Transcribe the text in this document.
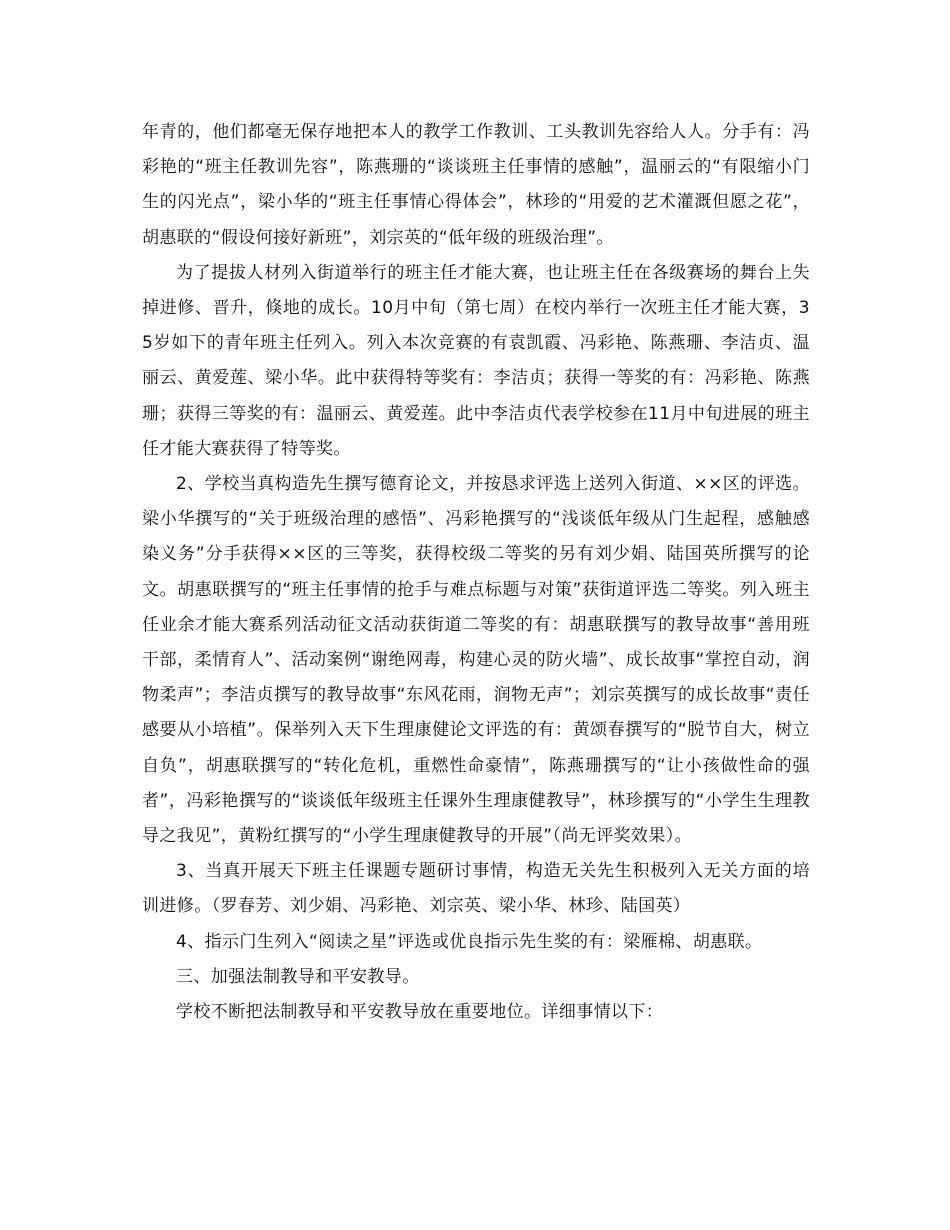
年青的，他们都毫无保存地把本人的教学工作教训、工头教训先容给人人。分手有：冯彩艳的“班主任教训先容”，陈燕珊的“谈谈班主任事情的感触”，温丽云的“有限缩小门生的闪光点”，梁小华的“班主任事情心得体会”，林珍的“用爱的艺术灌溉但愿之花”，胡惠联的“假设何接好新班”，刘宗英的“低年级的班级治理”。

为了提拔人材列入街道举行的班主任才能大赛，也让班主任在各级赛场的舞台上失掉进修、晋升，倏地的成长。10月中旬（第七周）在校内举行一次班主任才能大赛，35岁如下的青年班主任列入。列入本次竞赛的有袁凯霞、冯彩艳、陈燕珊、李洁贞、温丽云、黄爱莲、梁小华。此中获得特等奖有：李洁贞；获得一等奖的有：冯彩艳、陈燕珊；获得三等奖的有：温丽云、黄爱莲。此中李洁贞代表学校参在11月中旬进展的班主任才能大赛获得了特等奖。

2、学校当真构造先生撰写德育论文，并按恳求评选上送列入街道、××区的评选。梁小华撰写的“关于班级治理的感悟”、冯彩艳撰写的“浅谈低年级从门生起程，感触感染义务”分手获得××区的三等奖，获得校级二等奖的另有刘少娟、陆国英所撰写的论文。胡惠联撰写的“班主任事情的抢手与难点标题与对策”获街道评选二等奖。列入班主任业余才能大赛系列活动征文活动获街道二等奖的有：胡惠联撰写的教导故事“善用班干部，柔情育人”、活动案例“谢绝网毒，构建心灵的防火墙”、成长故事“掌控自动，润物柔声”；李洁贞撰写的教导故事“东风花雨，润物无声”；刘宗英撰写的成长故事“责任感要从小培植”。保举列入天下生理康健论文评选的有：黄颂春撰写的“脱节自大，树立自负”，胡惠联撰写的“转化危机，重燃性命豪情”，陈燕珊撰写的“让小孩做性命的强者”，冯彩艳撰写的“谈谈低年级班主任课外生理康健教导”，林珍撰写的“小学生生理教导之我见”，黄粉红撰写的“小学生理康健教导的开展”（尚无评奖效果）。

3、当真开展天下班主任课题专题研讨事情，构造无关先生积极列入无关方面的培训进修。（罗春芳、刘少娟、冯彩艳、刘宗英、梁小华、林珍、陆国英）

4、指示门生列入“阅读之星”评选或优良指示先生奖的有：梁雁棉、胡惠联。

三、加强法制教导和平安教导。

学校不断把法制教导和平安教导放在重要地位。详细事情以下：
